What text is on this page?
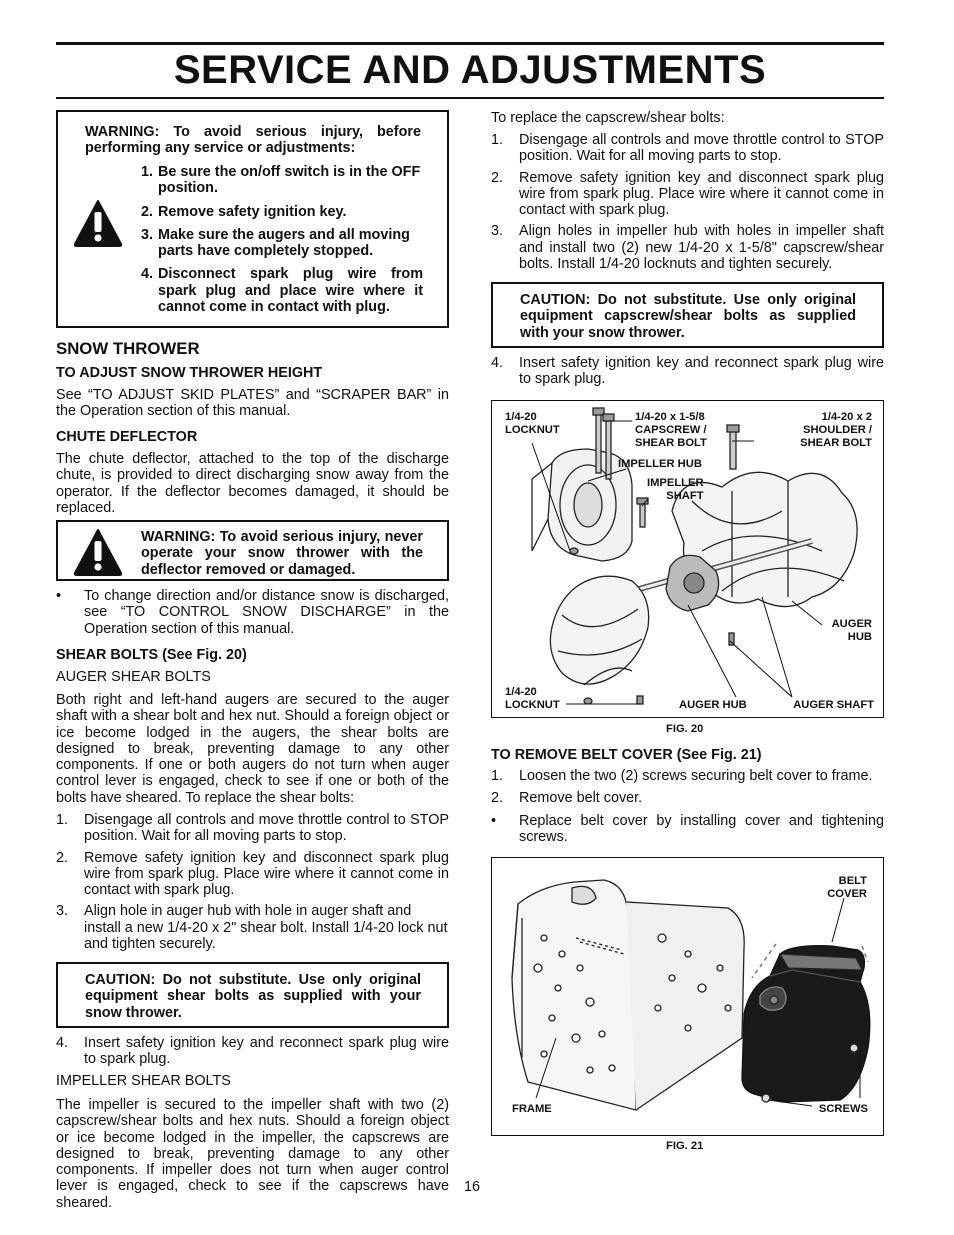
SERVICE AND ADJUSTMENTS

WARNING: To avoid serious injury, before performing any service or adjustments:

1. Be sure the on/off switch is in the OFF position.
2. Remove safety ignition key.
3. Make sure the augers and all moving parts have completely stopped.
4. Disconnect spark plug wire from spark plug and place wire where it cannot come in contact with plug.
SNOW THROWER
TO ADJUST SNOW THROWER HEIGHT

See “TO ADJUST SKID PLATES” and “SCRAPER BAR” in the Operation section of this manual.

CHUTE DEFLECTOR

The chute deflector, attached to the top of the discharge chute, is provided to direct discharging snow away from the operator. If the deflector becomes damaged, it should be replaced.

WARNING: To avoid serious injury, never operate your snow thrower with the deflector removed or damaged.

• To change direction and/or distance snow is discharged, see “TO CONTROL SNOW DISCHARGE” in the Operation section of this manual.

SHEAR BOLTS (See Fig. 20)
AUGER SHEAR BOLTS

Both right and left-hand augers are secured to the auger shaft with a shear bolt and hex nut. Should a foreign object or ice become lodged in the augers, the shear bolts are designed to break, preventing damage to any other components. If one or both augers do not turn when auger control lever is engaged, check to see if one or both of the bolts have sheared. To replace the shear bolts:

1. Disengage all controls and move throttle control to STOP position. Wait for all moving parts to stop.
2. Remove safety ignition key and disconnect spark plug wire from spark plug. Place wire where it cannot come in contact with spark plug.
3. Align hole in auger hub with hole in auger shaft and install a new 1/4-20 x 2" shear bolt. Install 1/4-20 lock nut and tighten securely.

CAUTION: Do not substitute. Use only original equipment shear bolts as supplied with your snow thrower.

4. Insert safety ignition key and reconnect spark plug wire to spark plug.
IMPELLER SHEAR BOLTS

The impeller is secured to the impeller shaft with two (2) capscrew/shear bolts and hex nuts. Should a foreign object or ice become lodged in the impeller, the capscrews are designed to break, preventing damage to any other components. If impeller does not turn when auger control lever is engaged, check to see if the capscrews have sheared.

16

To replace the capscrew/shear bolts:

1. Disengage all controls and move throttle control to STOP position. Wait for all moving parts to stop.
2. Remove safety ignition key and disconnect spark plug wire from spark plug. Place wire where it cannot come in contact with spark plug.
3. Align holes in impeller hub with holes in impeller shaft and install two (2) new 1/4-20 x 1-5/8" capscrew/shear bolts. Install 1/4-20 locknuts and tighten securely.

CAUTION: Do not substitute. Use only original equipment capscrew/shear bolts as supplied with your snow thrower.

4. Insert safety ignition key and reconnect spark plug wire to spark plug.
1/4-20
LOCKNUT
1/4-20 x 1-5/8
CAPSCREW /
SHEAR BOLT
1/4-20 x 2
SHOULDER /
SHEAR BOLT
IMPELLER HUB
IMPELLER
SHAFT
AUGER
HUB
1/4-20
LOCKNUT	AUGER HUB	AUGER SHAFT
FIG. 20
TO REMOVE BELT COVER (See Fig. 21)
1. Loosen the two (2) screws securing belt cover to frame.
2. Remove belt cover.
• Replace belt cover by installing cover and tightening screws.
BELT
COVER
FRAME	SCREWS
FIG. 21
